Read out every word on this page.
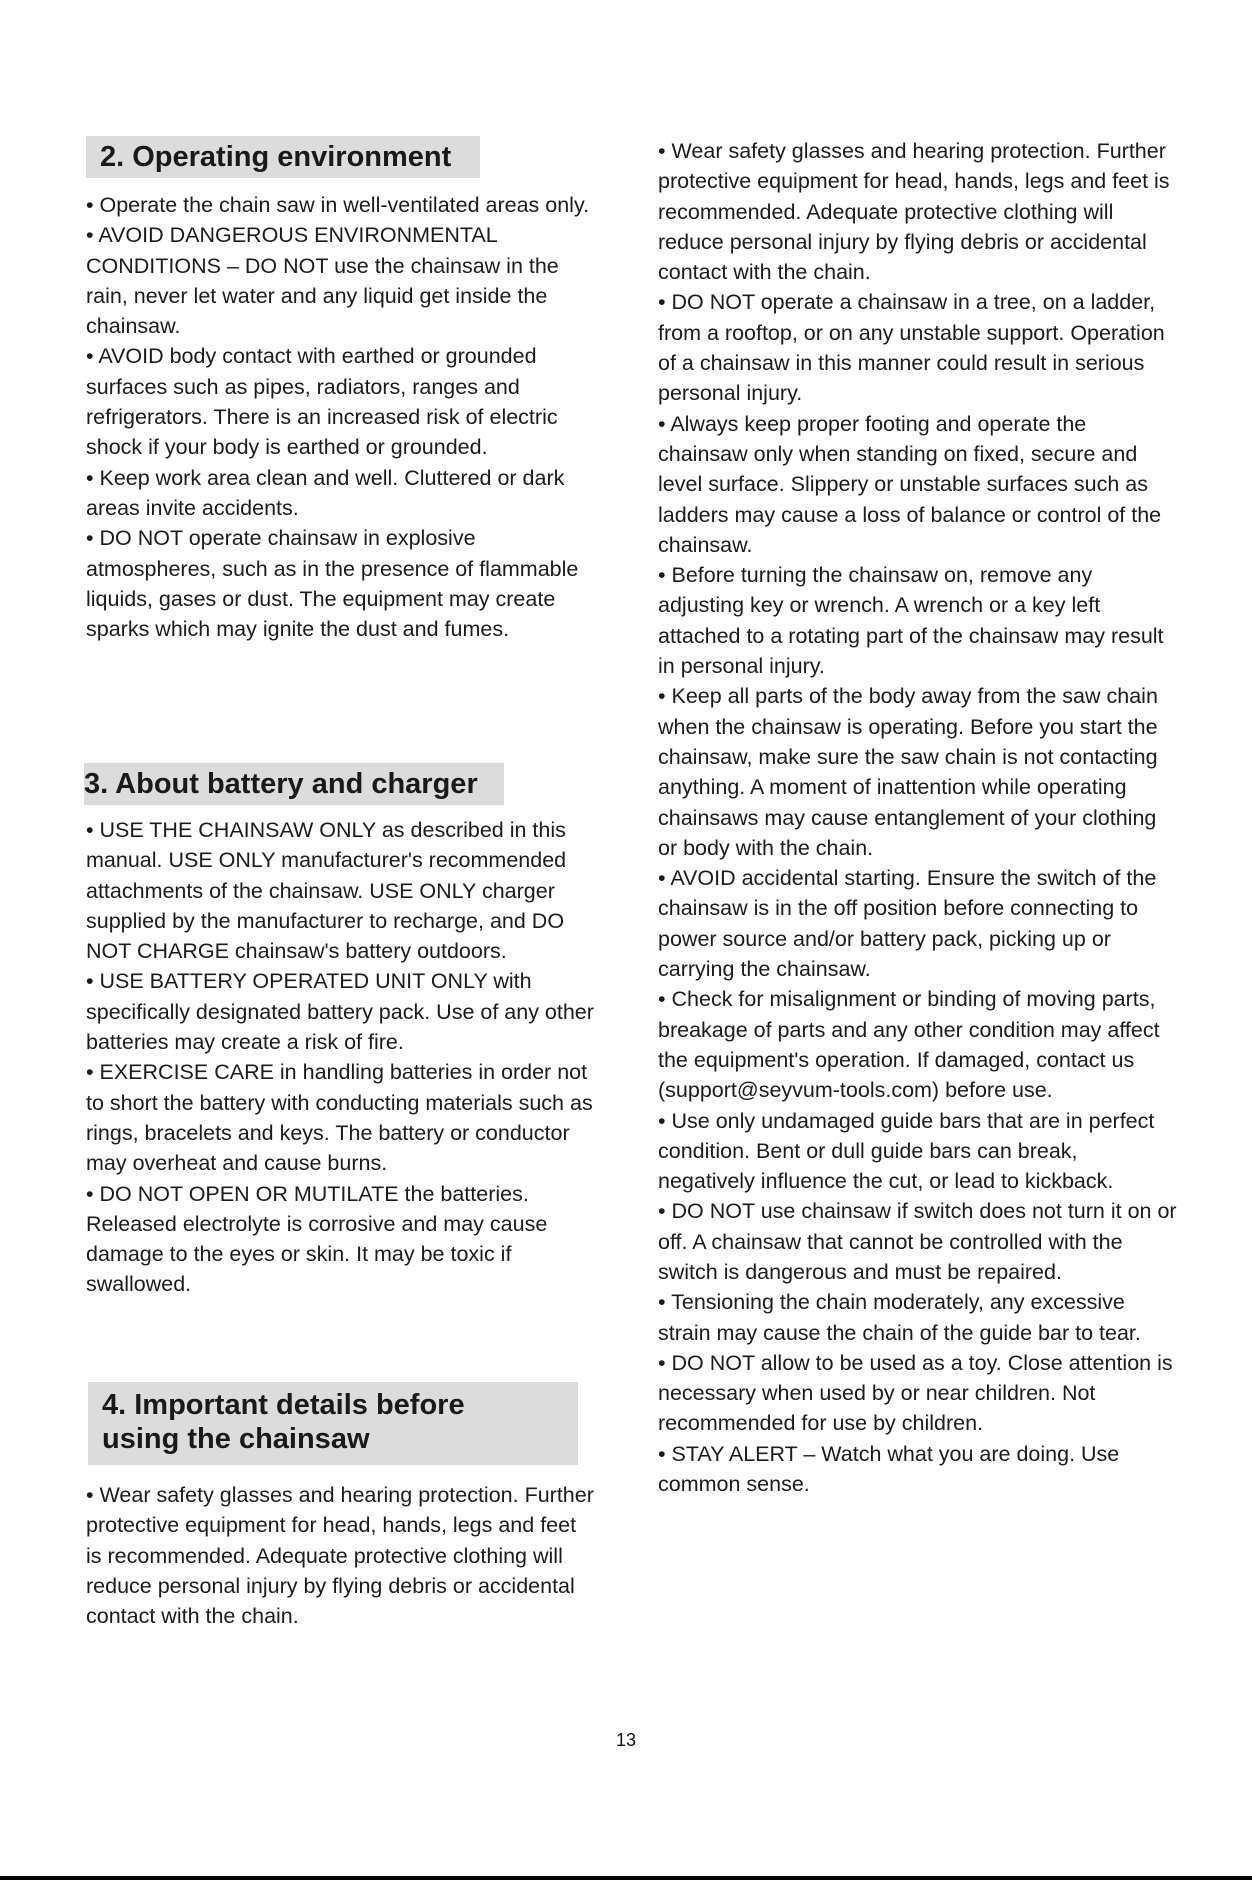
2. Operating environment

• Operate the chain saw in well-ventilated areas only.

• AVOID DANGEROUS ENVIRONMENTAL CONDITIONS – DO NOT use the chainsaw in the rain, never let water and any liquid get inside the chainsaw.

• AVOID body contact with earthed or grounded surfaces such as pipes, radiators, ranges and refrigerators. There is an increased risk of electric shock if your body is earthed or grounded.

• Keep work area clean and well. Cluttered or dark areas invite accidents.

• DO NOT operate chainsaw in explosive atmospheres, such as in the presence of flammable liquids, gases or dust. The equipment may create sparks which may ignite the dust and fumes.

3. About battery and charger

• USE THE CHAINSAW ONLY as described in this manual. USE ONLY manufacturer's recommended attachments of the chainsaw. USE ONLY charger supplied by the manufacturer to recharge, and DO NOT CHARGE chainsaw's battery outdoors.

• USE BATTERY OPERATED UNIT ONLY with specifically designated battery pack. Use of any other batteries may create a risk of fire.

• EXERCISE CARE in handling batteries in order not to short the battery with conducting materials such as rings, bracelets and keys. The battery or conductor may overheat and cause burns.

• DO NOT OPEN OR MUTILATE the batteries. Released electrolyte is corrosive and may cause damage to the eyes or skin. It may be toxic if swallowed.

4. Important details before using the chainsaw

• Wear safety glasses and hearing protection. Further protective equipment for head, hands, legs and feet is recommended. Adequate protective clothing will reduce personal injury by flying debris or accidental contact with the chain.

• Wear safety glasses and hearing protection. Further protective equipment for head, hands, legs and feet is recommended. Adequate protective clothing will reduce personal injury by flying debris or accidental contact with the chain.

• DO NOT operate a chainsaw in a tree, on a ladder, from a rooftop, or on any unstable support. Operation of a chainsaw in this manner could result in serious personal injury.

• Always keep proper footing and operate the chainsaw only when standing on fixed, secure and level surface. Slippery or unstable surfaces such as ladders may cause a loss of balance or control of the chainsaw.

• Before turning the chainsaw on, remove any adjusting key or wrench. A wrench or a key left attached to a rotating part of the chainsaw may result in personal injury.

• Keep all parts of the body away from the saw chain when the chainsaw is operating. Before you start the chainsaw, make sure the saw chain is not contacting anything. A moment of inattention while operating chainsaws may cause entanglement of your clothing or body with the chain.

• AVOID accidental starting. Ensure the switch of the chainsaw is in the off position before connecting to power source and/or battery pack, picking up or carrying the chainsaw.

• Check for misalignment or binding of moving parts, breakage of parts and any other condition may affect the equipment's operation. If damaged, contact us (support@seyvum-tools.com) before use.

• Use only undamaged guide bars that are in perfect condition. Bent or dull guide bars can break, negatively influence the cut, or lead to kickback.

• DO NOT use chainsaw if switch does not turn it on or off. A chainsaw that cannot be controlled with the switch is dangerous and must be repaired.

• Tensioning the chain moderately, any excessive strain may cause the chain of the guide bar to tear.

• DO NOT allow to be used as a toy. Close attention is necessary when used by or near children. Not recommended for use by children.

• STAY ALERT – Watch what you are doing. Use common sense.

13
